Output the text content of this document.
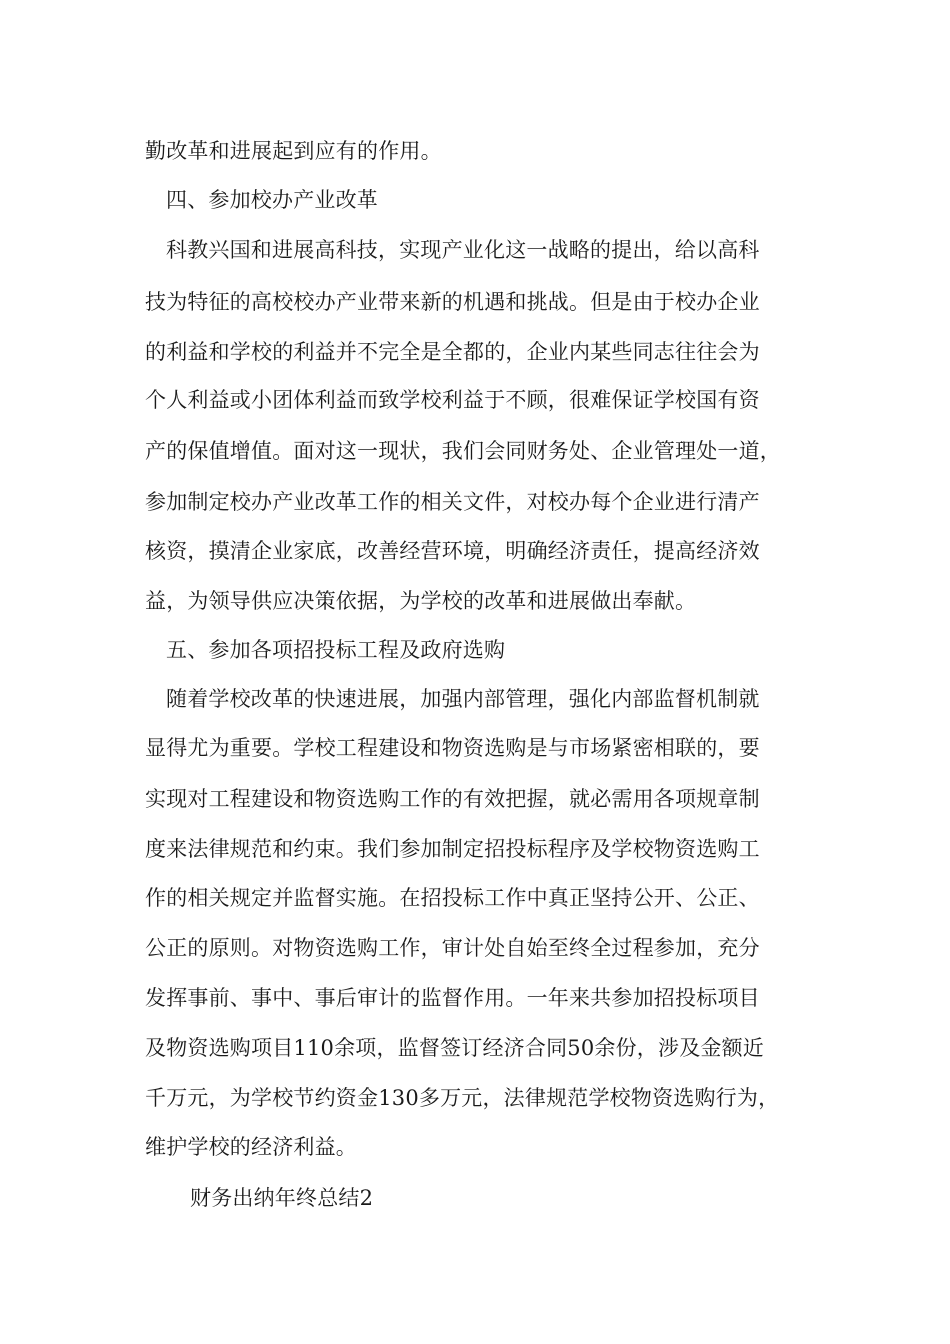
勤改革和进展起到应有的作用。
四、参加校办产业改革
科教兴国和进展高科技，实现产业化这一战略的提出，给以高科
技为特征的高校校办产业带来新的机遇和挑战。但是由于校办企业
的利益和学校的利益并不完全是全都的，企业内某些同志往往会为
个人利益或小团体利益而致学校利益于不顾，很难保证学校国有资
产的保值增值。面对这一现状，我们会同财务处、企业管理处一道，
参加制定校办产业改革工作的相关文件，对校办每个企业进行清产
核资，摸清企业家底，改善经营环境，明确经济责任，提高经济效
益，为领导供应决策依据，为学校的改革和进展做出奉献。
五、参加各项招投标工程及政府选购
随着学校改革的快速进展，加强内部管理，强化内部监督机制就
显得尤为重要。学校工程建设和物资选购是与市场紧密相联的，要
实现对工程建设和物资选购工作的有效把握，就必需用各项规章制
度来法律规范和约束。我们参加制定招投标程序及学校物资选购工
作的相关规定并监督实施。在招投标工作中真正坚持公开、公正、
公正的原则。对物资选购工作，审计处自始至终全过程参加，充分
发挥事前、事中、事后审计的监督作用。一年来共参加招投标项目
及物资选购项目110余项，监督签订经济合同50余份，涉及金额近
千万元，为学校节约资金130多万元，法律规范学校物资选购行为，
维护学校的经济利益。
财务出纳年终总结2
